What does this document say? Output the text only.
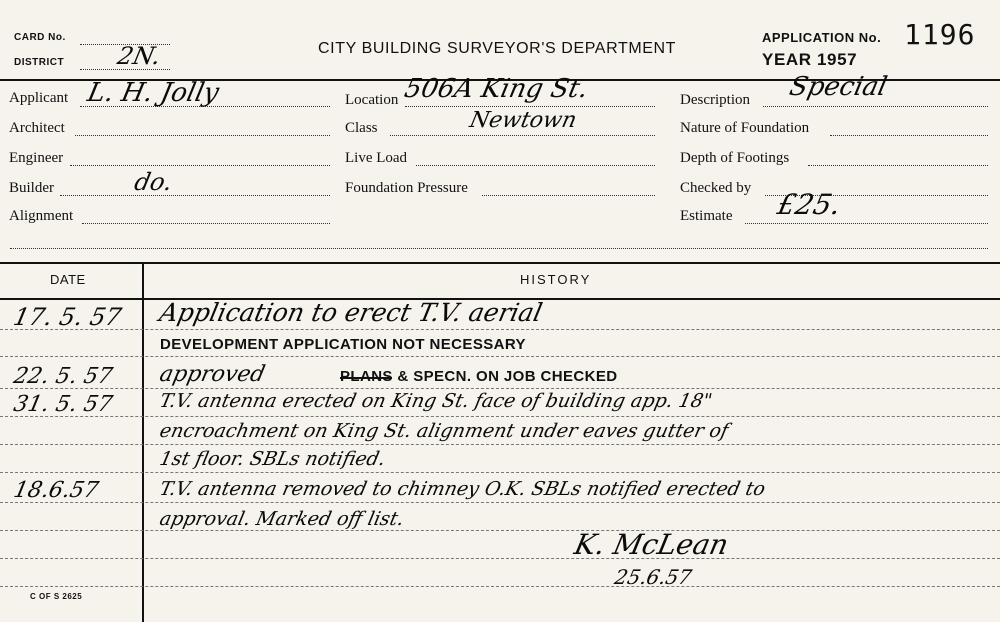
CARD No.
DISTRICT 2N.	CITY BUILDING SURVEYOR'S DEPARTMENT
APPLICATION No. 1196
YEAR 1957
Applicant L. H. Jolly
Architect
Engineer
Builder	do.
Alignment
Location 506A King St.
Class	Newtown
Live Load
Foundation Pressure
Description Special
Nature of Foundation
Depth of Footings
Checked by
Estimate £25.
DATE	HISTORY
17. 5. 57 Application to erect T.V. aerial
DEVELOPMENT APPLICATION NOT NECESSARY
22. 5. 57 approved	PLANS & SPECN. ON JOB CHECKED
31. 5. 57 T.V. antenna erected on King St. face of building app. 18"
encroachment on King St. alignment under eaves gutter of
1st floor. SBLs notified.
18.6.57	T.V. antenna removed to chimney O.K. SBLs notified erected to
approval. Marked off list.
K. McLean
25.6.57
C OF S 2625
